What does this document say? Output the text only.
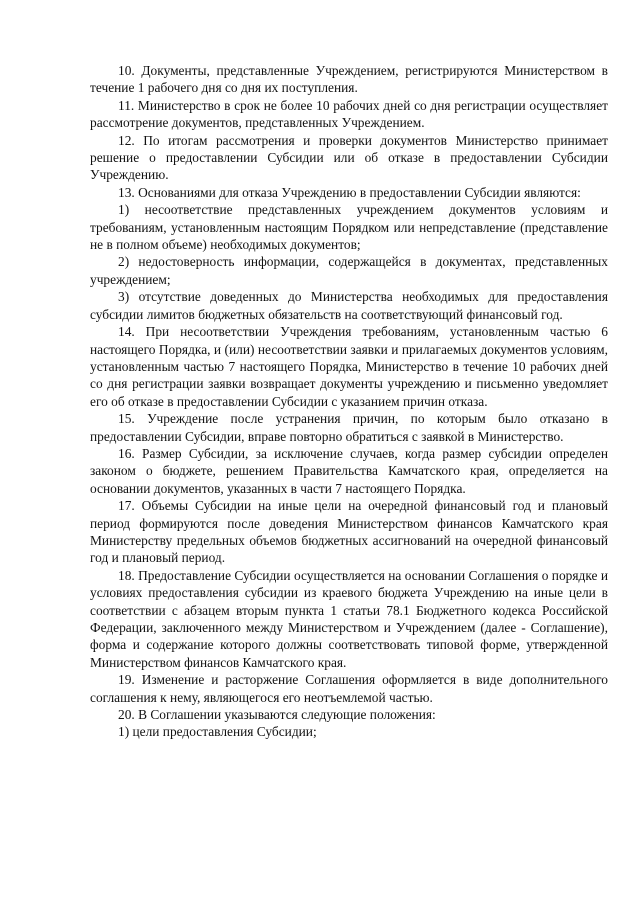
10. Документы, представленные Учреждением, регистрируются Министерством в течение 1 рабочего дня со дня их поступления.

11. Министерство в срок не более 10 рабочих дней со дня регистрации осуществляет рассмотрение документов, представленных Учреждением.

12. По итогам рассмотрения и проверки документов Министерство принимает решение о предоставлении Субсидии или об отказе в предоставлении Субсидии Учреждению.

13. Основаниями для отказа Учреждению в предоставлении Субсидии являются:

1) несоответствие представленных учреждением документов условиям и требованиям, установленным настоящим Порядком или непредставление (представление не в полном объеме) необходимых документов;

2) недостоверность информации, содержащейся в документах, представленных учреждением;

3) отсутствие доведенных до Министерства необходимых для предоставления субсидии лимитов бюджетных обязательств на соответствующий финансовый год.

14. При несоответствии Учреждения требованиям, установленным частью 6 настоящего Порядка, и (или) несоответствии заявки и прилагаемых документов условиям, установленным частью 7 настоящего Порядка, Министерство в течение 10 рабочих дней со дня регистрации заявки возвращает документы учреждению и письменно уведомляет его об отказе в предоставлении Субсидии с указанием причин отказа.

15. Учреждение после устранения причин, по которым было отказано в предоставлении Субсидии, вправе повторно обратиться с заявкой в Министерство.

16. Размер Субсидии, за исключение случаев, когда размер субсидии определен законом о бюджете, решением Правительства Камчатского края, определяется на основании документов, указанных в части 7 настоящего Порядка.

17. Объемы Субсидии на иные цели на очередной финансовый год и плановый период формируются после доведения Министерством финансов Камчатского края Министерству предельных объемов бюджетных ассигнований на очередной финансовый год и плановый период.

18. Предоставление Субсидии осуществляется на основании Соглашения о порядке и условиях предоставления субсидии из краевого бюджета Учреждению на иные цели в соответствии с абзацем вторым пункта 1 статьи 78.1 Бюджетного кодекса Российской Федерации, заключенного между Министерством и Учреждением (далее - Соглашение), форма и содержание которого должны соответствовать типовой форме, утвержденной Министерством финансов Камчатского края.

19. Изменение и расторжение Соглашения оформляется в виде дополнительного соглашения к нему, являющегося его неотъемлемой частью.

20. В Соглашении указываются следующие положения:

1) цели предоставления Субсидии;
